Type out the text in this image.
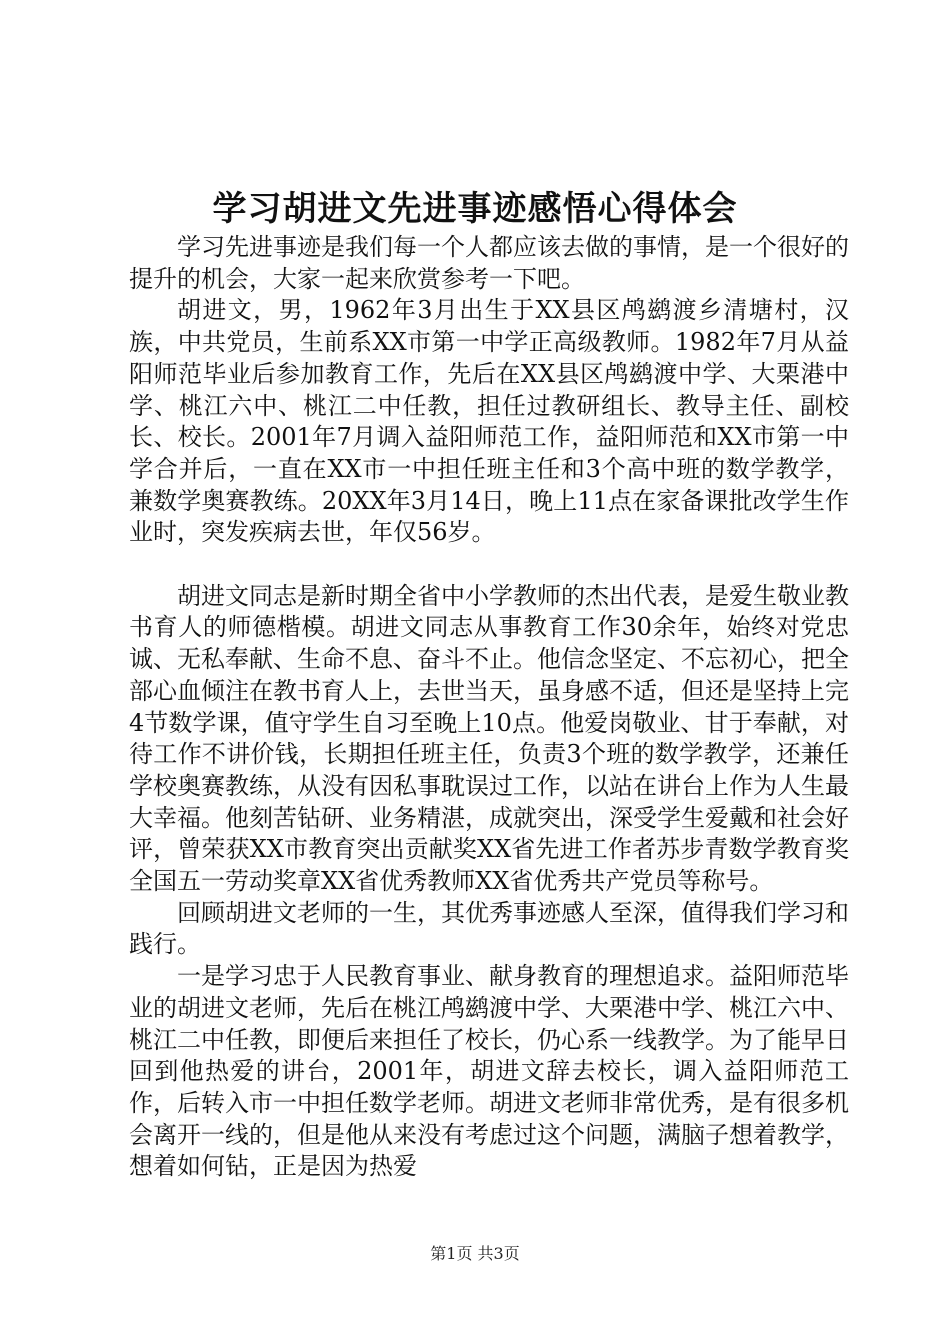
学习胡进文先进事迹感悟心得体会

学习先进事迹是我们每一个人都应该去做的事情，是一个很好的提升的机会，大家一起来欣赏参考一下吧。

胡进文，男，1962年3月出生于XX县区鸬鹚渡乡清塘村，汉族，中共党员，生前系XX市第一中学正高级教师。1982年7月从益阳师范毕业后参加教育工作，先后在XX县区鸬鹚渡中学、大栗港中学、桃江六中、桃江二中任教，担任过教研组长、教导主任、副校长、校长。2001年7月调入益阳师范工作，益阳师范和XX市第一中学合并后，一直在XX市一中担任班主任和3个高中班的数学教学，兼数学奥赛教练。20XX年3月14日，晚上11点在家备课批改学生作业时，突发疾病去世，年仅56岁。

胡进文同志是新时期全省中小学教师的杰出代表，是爱生敬业教书育人的师德楷模。胡进文同志从事教育工作30余年，始终对党忠诚、无私奉献、生命不息、奋斗不止。他信念坚定、不忘初心，把全部心血倾注在教书育人上，去世当天，虽身感不适，但还是坚持上完4节数学课，值守学生自习至晚上10点。他爱岗敬业、甘于奉献，对待工作不讲价钱，长期担任班主任，负责3个班的数学教学，还兼任学校奥赛教练，从没有因私事耽误过工作，以站在讲台上作为人生最大幸福。他刻苦钻研、业务精湛，成就突出，深受学生爱戴和社会好评，曾荣获XX市教育突出贡献奖XX省先进工作者苏步青数学教育奖全国五一劳动奖章XX省优秀教师XX省优秀共产党员等称号。

回顾胡进文老师的一生，其优秀事迹感人至深，值得我们学习和践行。

一是学习忠于人民教育事业、献身教育的理想追求。益阳师范毕业的胡进文老师，先后在桃江鸬鹚渡中学、大栗港中学、桃江六中、桃江二中任教，即便后来担任了校长，仍心系一线教学。为了能早日回到他热爱的讲台，2001年，胡进文辞去校长，调入益阳师范工作，后转入市一中担任数学老师。胡进文老师非常优秀，是有很多机会离开一线的，但是他从来没有考虑过这个问题，满脑子想着教学，想着如何钻，正是因为热爱

第1页 共3页
